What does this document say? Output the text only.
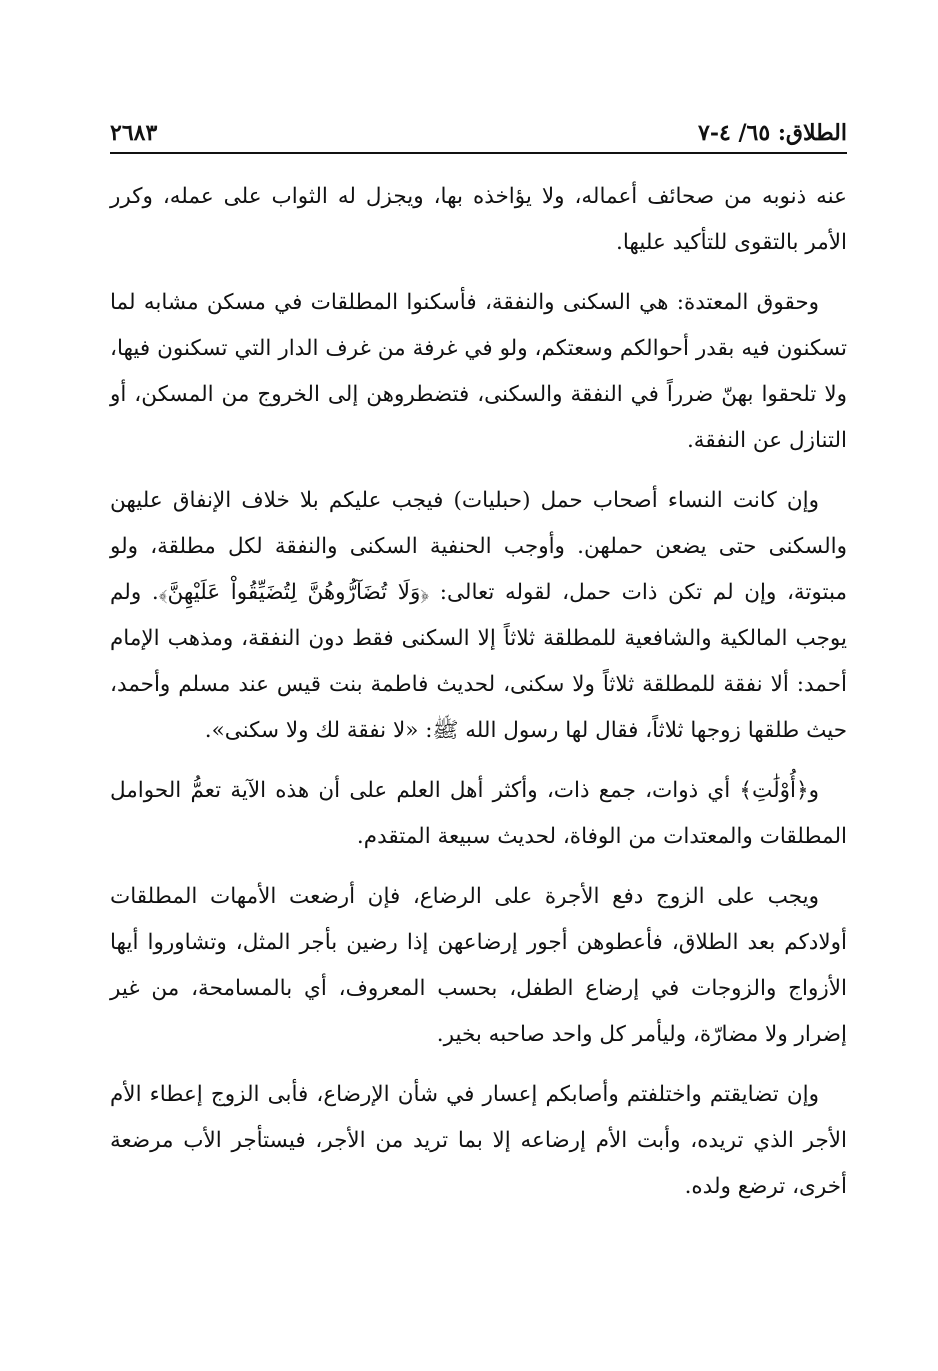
الطلاق: ٦٥/ ٤-٧
٢٦٨٣

عنه ذنوبه من صحائف أعماله، ولا يؤاخذه بها، ويجزل له الثواب على عمله، وكرر الأمر بالتقوى للتأكيد عليها.

وحقوق المعتدة: هي السكنى والنفقة، فأسكنوا المطلقات في مسكن مشابه لما تسكنون فيه بقدر أحوالكم وسعتكم، ولو في غرفة من غرف الدار التي تسكنون فيها، ولا تلحقوا بهنّ ضرراً في النفقة والسكنى، فتضطروهن إلى الخروج من المسكن، أو التنازل عن النفقة.

وإن كانت النساء أصحاب حمل (حبليات) فيجب عليكم بلا خلاف الإنفاق عليهن والسكنى حتى يضعن حملهن. وأوجب الحنفية السكنى والنفقة لكل مطلقة، ولو مبتوتة، وإن لم تكن ذات حمل، لقوله تعالى: ﴿وَلَا تُضَآرُّوهُنَّ لِتُضَيِّقُواْ عَلَيْهِنَّ﴾. ولم يوجب المالكية والشافعية للمطلقة ثلاثاً إلا السكنى فقط دون النفقة، ومذهب الإمام أحمد: ألا نفقة للمطلقة ثلاثاً ولا سكنى، لحديث فاطمة بنت قيس عند مسلم وأحمد، حيث طلقها زوجها ثلاثاً، فقال لها رسول الله ﷺ: «لا نفقة لك ولا سكنى».

و﴿أُوْلَٰتِ﴾ أي ذوات، جمع ذات، وأكثر أهل العلم على أن هذه الآية تعمُّ الحوامل المطلقات والمعتدات من الوفاة، لحديث سبيعة المتقدم.

ويجب على الزوج دفع الأجرة على الرضاع، فإن أرضعت الأمهات المطلقات أولادكم بعد الطلاق، فأعطوهن أجور إرضاعهن إذا رضين بأجر المثل، وتشاوروا أيها الأزواج والزوجات في إرضاع الطفل، بحسب المعروف، أي بالمسامحة، من غير إضرار ولا مضارّة، وليأمر كل واحد صاحبه بخير.

وإن تضايقتم واختلفتم وأصابكم إعسار في شأن الإرضاع، فأبى الزوج إعطاء الأم الأجر الذي تريده، وأبت الأم إرضاعه إلا بما تريد من الأجر، فيستأجر الأب مرضعة أخرى، ترضع ولده.
